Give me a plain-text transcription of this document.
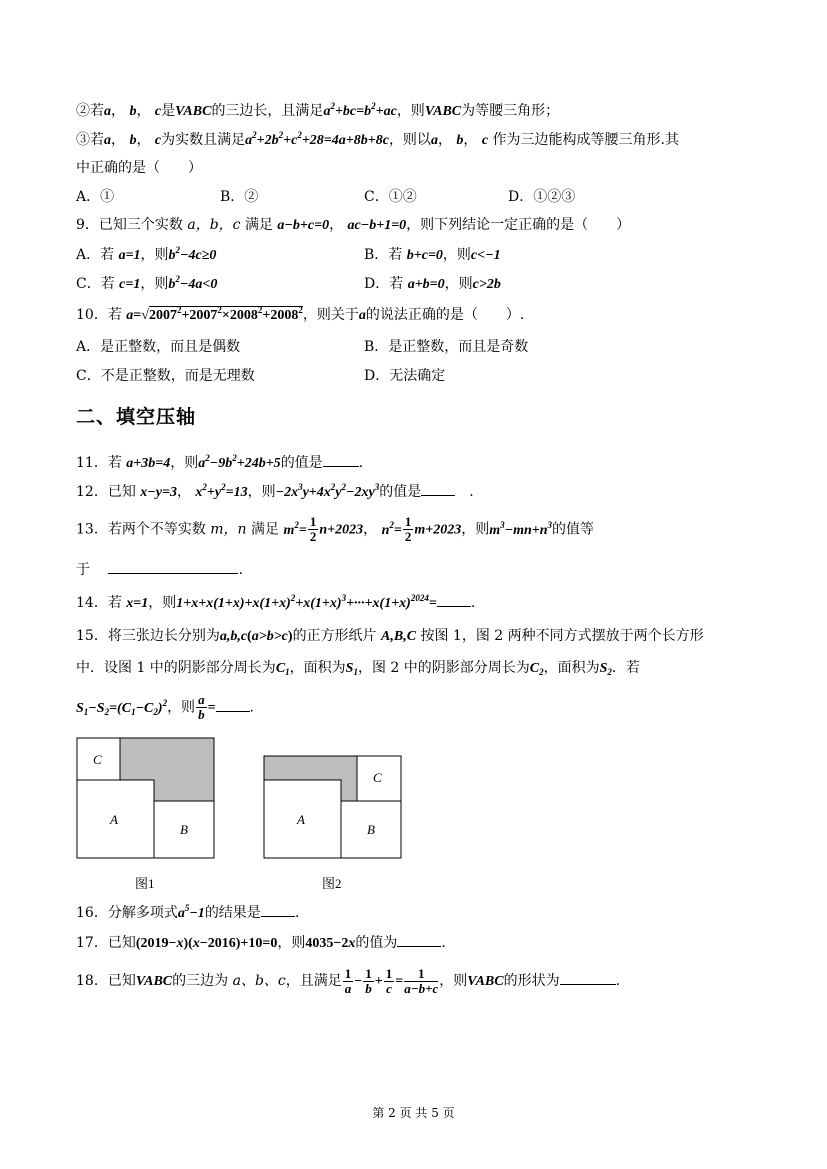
②若a， b， c是VABC的三边长，且满足$a^2+bc=b^2+ac$，则VABC为等腰三角形；
③若a， b， c为实数且满足$a^2+2b^2+c^2+28=4a+8b+8c$，则以a， b， c 作为三边能构成等腰三角形.其
中正确的是（　　）
A．①	B．②	C．①②	D．①②③
9．已知三个实数 a，b，c 满足 a−b+c=0， ac−b+1=0，则下列结论一定正确的是（　　）
A．若 a=1，则$b^2-4c\ge 0$	B．若 b+c=0，则c<−1
C．若 c=1，则$b^2-4a<0$	D．若 a+b=0，则c>2b
10．若 $a=√2007^2+2007^2\times 2008^2+2008^2$，则关于a的说法正确的是（　　）.
A．是正整数，而且是偶数	B．是正整数，而且是奇数
C．不是正整数，而是无理数	D．无法确定
二、填空压轴
11．若 a+3b=4，则$a^2-9b^2+24b+5$的值是	.
12．已知 x−y=3， $x^2+y^2=13$，则$-2x^3y+4x^2y^2-2xy^3$的值是　	.
13．若两个不等实数 m，n 满足 $m^2= \frac{1}{2} n+2023$， $n^2= \frac{1}{2} m+2023$，则$m^3-mn+n^3$的值等
于 　	.
14．若 x=1，则$1+x+x(1+x)+x(1+x)^2+x(1+x)^3+\cdot\cdot\cdot+x(1+x)^{2024}=$ .
15．将三张边长分别为a,b,c(a>b>c)的正方形纸片 A,B,C 按图 1，图 2 两种不同方式摆放于两个长方形
中．设图 1 中的阴影部分周长为$C_1$，面积为$S_1$，图 2 中的阴影部分周长为$C_2$，面积为$S_2$．若
$S_1-S_2=(C_1-C_2)^2$，则 $\frac{a}{b}$ = .
C
A
B
C
A
B
图1	图2
16．分解多项式$a^5-1$的结果是 .
17．已知(2019−x)(x−2016)+10=0，则4035−2x的值为	.
18．已知VABC的三边为 a、b、c，且满足 $\frac{1}{a} - \frac{1}{b} + \frac{1}{c} = \frac{1}{a-b+c}$ ，则VABC的形状为	.
第 2 页 共 5 页
